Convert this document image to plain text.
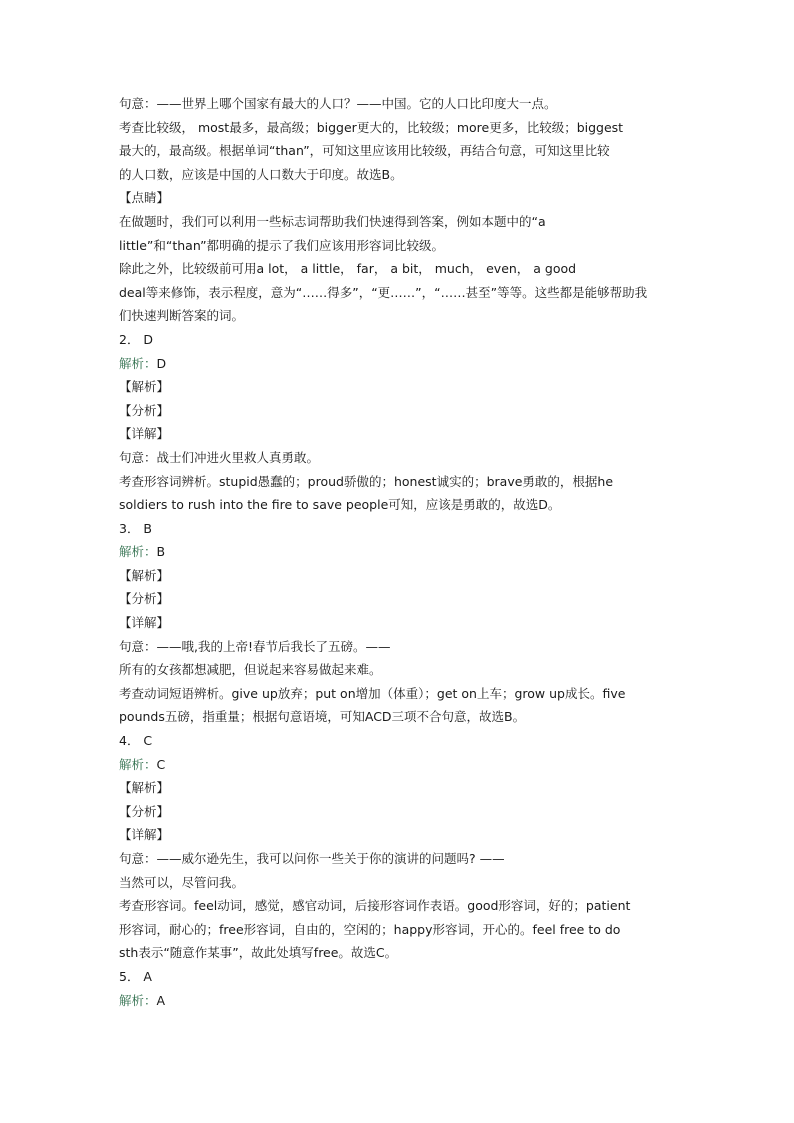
句意：——世界上哪个国家有最大的人口？——中国。它的人口比印度大一点。
考查比较级， most最多，最高级；bigger更大的，比较级；more更多，比较级；biggest
最大的，最高级。根据单词“than”，可知这里应该用比较级，再结合句意，可知这里比较
的人口数，应该是中国的人口数大于印度。故选B。
【点睛】
在做题时，我们可以利用一些标志词帮助我们快速得到答案，例如本题中的“a
little”和“than”都明确的提示了我们应该用形容词比较级。
除此之外，比较级前可用a lot， a little， far， a bit， much， even， a good
deal等来修饰，表示程度，意为“……得多”，“更……”，“……甚至”等等。这些都是能够帮助我
们快速判断答案的词。
2． D
解析：D
【解析】
【分析】
【详解】
句意：战士们冲进火里救人真勇敢。
考查形容词辨析。stupid愚蠢的；proud骄傲的；honest诚实的；brave勇敢的，根据he
soldiers to rush into the fire to save people可知，应该是勇敢的，故选D。
3． B
解析：B
【解析】
【分析】
【详解】
句意：——哦,我的上帝!春节后我长了五磅。——
所有的女孩都想减肥，但说起来容易做起来难。
考查动词短语辨析。give up放弃；put on增加（体重）；get on上车；grow up成长。five
pounds五磅，指重量；根据句意语境，可知ACD三项不合句意，故选B。
4． C
解析：C
【解析】
【分析】
【详解】
句意：——威尔逊先生，我可以问你一些关于你的演讲的问题吗? ——
当然可以，尽管问我。
考查形容词。feel动词，感觉，感官动词，后接形容词作表语。good形容词，好的；patient
形容词，耐心的；free形容词，自由的，空闲的；happy形容词，开心的。feel free to do
sth表示“随意作某事”，故此处填写free。故选C。
5． A
解析：A
